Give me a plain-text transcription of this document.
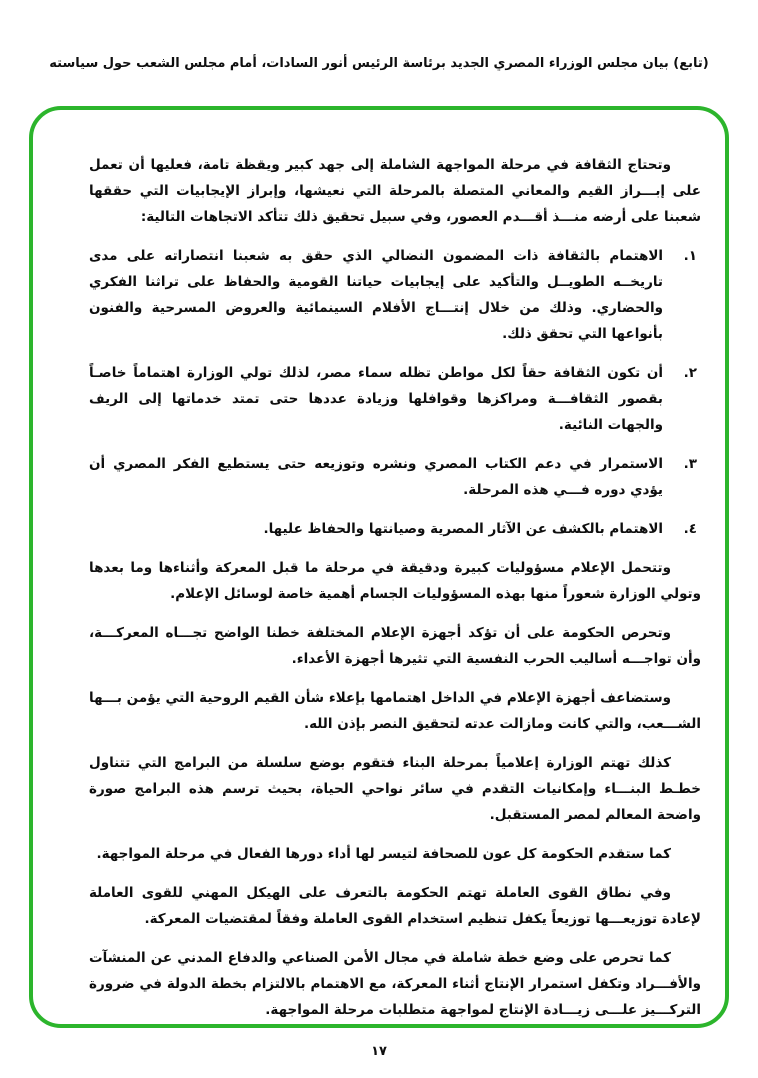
(تابع) بيان مجلس الوزراء المصري الجديد برئاسة الرئيس أنور السادات، أمام مجلس الشعب حول سياسته

وتحتاج الثقافة في مرحلة المواجهة الشاملة إلى جهد كبير ويقظة تامة، فعليها أن تعمل على إبـــراز القيم والمعاني المتصلة بالمرحلة التي نعيشها، وإبراز الإيجابيات التي حققها شعبنا على أرضه منـــذ أقـــدم العصور، وفي سبيل تحقيق ذلك تتأكد الاتجاهات التالية:

١.
الاهتمام بالثقافة ذات المضمون النضالي الذي حقق به شعبنا انتصاراته على مدى تاريخــه الطويــل والتأكيد على إيجابيات حياتنا القومية والحفاظ على تراثنا الفكري والحضاري. وذلك من خلال إنتـــاج الأفلام السينمائية والعروض المسرحية والفنون بأنواعها التي تحقق ذلك.
٢.
أن تكون الثقافة حقاً لكل مواطن تظله سماء مصر، لذلك تولي الوزارة اهتماماً خاصـاً بقصور الثقافـــة ومراكزها وقوافلها وزيادة عددها حتى تمتد خدماتها إلى الريف والجهات النائية.
٣.
الاستمرار في دعم الكتاب المصري ونشره وتوزيعه حتى يستطيع الفكر المصري أن يؤدي دوره فـــي هذه المرحلة.
٤.
الاهتمام بالكشف عن الآثار المصرية وصيانتها والحفاظ عليها.

وتتحمل الإعلام مسؤوليات كبيرة ودقيقة في مرحلة ما قبل المعركة وأثناءها وما بعدها وتولي الوزارة شعوراً منها بهذه المسؤوليات الجسام أهمية خاصة لوسائل الإعلام.

وتحرص الحكومة على أن تؤكد أجهزة الإعلام المختلفة خطنا الواضح تجـــاه المعركـــة، وأن تواجـــه أساليب الحرب النفسية التي تثيرها أجهزة الأعداء.

وستضاعف أجهزة الإعلام في الداخل اهتمامها بإعلاء شأن القيم الروحية التي يؤمن بـــها الشـــعب، والتي كانت ومازالت عدته لتحقيق النصر بإذن الله.

كذلك تهتم الوزارة إعلامياً بمرحلة البناء فتقوم بوضع سلسلة من البرامج التي تتناول خطـط البنـــاء وإمكانيات التقدم في سائر نواحي الحياة، بحيث ترسم هذه البرامج صورة واضحة المعالم لمصر المستقبل.

كما ستقدم الحكومة كل عون للصحافة لتيسر لها أداء دورها الفعال في مرحلة المواجهة.

وفي نطاق القوى العاملة تهتم الحكومة بالتعرف على الهيكل المهني للقوى العاملة لإعادة توزيعـــها توزيعاً يكفل تنظيم استخدام القوى العاملة وفقاً لمقتضيات المعركة.

كما تحرص على وضع خطة شاملة في مجال الأمن الصناعي والدفاع المدني عن المنشآت والأفـــراد وتكفل استمرار الإنتاج أثناء المعركة، مع الاهتمام بالالتزام بخطة الدولة في ضرورة التركـــيز علـــى زيـــادة الإنتاج لمواجهة متطلبات مرحلة المواجهة.

١٧
